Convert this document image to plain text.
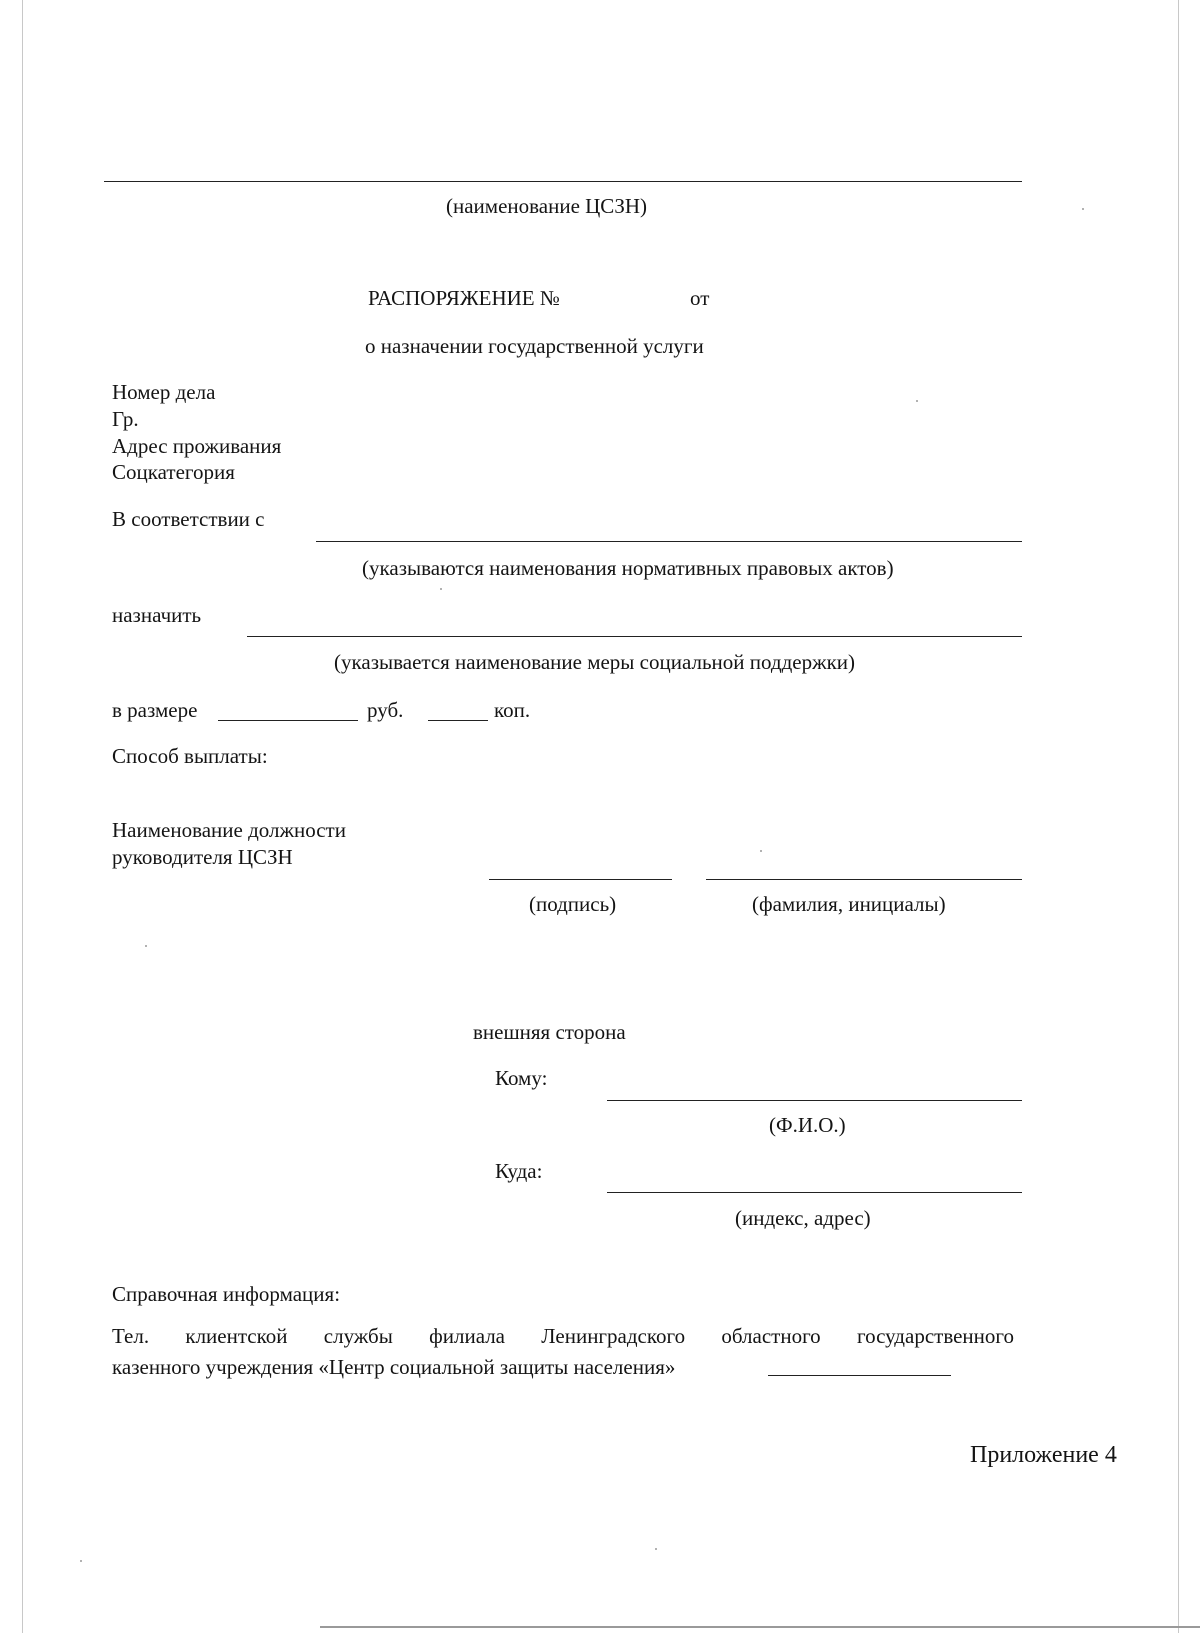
(наименование ЦСЗН)
РАСПОРЯЖЕНИЕ №	от
о назначении государственной услуги
Номер дела
Гр.
Адрес проживания
Соцкатегория
В соответствии с
(указываются наименования нормативных правовых актов)
назначить
(указывается наименование меры социальной поддержки)
в размере	руб.	коп.
Способ выплаты:
Наименование должности
руководителя ЦСЗН
(подпись)	(фамилия, инициалы)
внешняя сторона
Кому:
(Ф.И.О.)
Куда:
(индекс, адрес)
Справочная информация:
Тел. клиентской службы филиала Ленинградского областного государственного
казенного учреждения «Центр социальной защиты населения»
Приложение 4
